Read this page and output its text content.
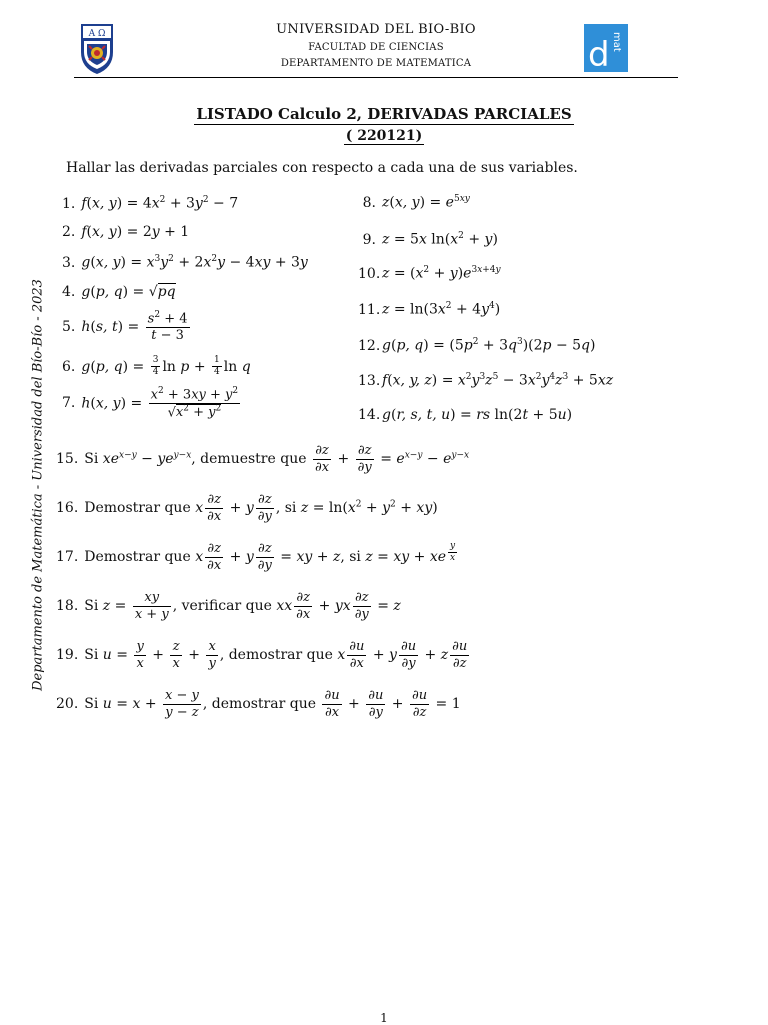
A Ω	UNIVERSIDAD DEL BIO-BIO
FACULTAD DE CIENCIAS
DEPARTAMENTO DE MATEMATICA	d mat
LISTADO Calculo 2, DERIVADAS PARCIALES
( 220121)
Hallar las derivadas parciales con respecto a cada una de sus variables.
Departamento de Matemática - Universidad del Bío-Bío - 2023
1. f(x, $y) = 4x^2 + 3y^2 - 7$
2. f(x, y) = 2y + 1
3. g(x, $y) = x^3y^2 + 2x^2y - 4xy + 3y$
4. g(p, q) = √pq
5. h(s, $t) = \frac{s^2 + 4}{t - 3}$
6. g(p, $q) = \frac{3}{4}$ $\ln p + \frac{1}{4}$ ln q
7. h(x, $y) = \frac{x^2 + 3xy + y^2}{√x^2 + y^2}$
8. z(x, $y) = e^{5xy}$
9. z = 5x $\ln(x^2 + y)$
10. $z = (x^2 + y)e^{3x+4y}$
11. $z = \ln(3x^2 + 4y^4)$
12. g(p, $q) = (5p^2 + 3q^3)(2p - 5q)$
13. f(x, y, $z) = x^2y^3z^5 - 3x^2y^4z^3 + 5xz$
14. g(r, s, t, u) = rs ln(2t + 5u)
15. Si $xe^{x-y} - ye^{y-x}$, demuestre que $\frac{\partial z}{\partial x} + \frac{\partial z}{\partial y} = e^{x-y} - e^{y-x}$
16. Demostrar que x $\frac{\partial z}{\partial x} + y \frac{\partial z}{\partial y}$ , si $z = \ln(x^2 + y^2 + xy)$
17. Demostrar que x $\frac{\partial z}{\partial x} + y \frac{\partial z}{\partial y}$ = xy + z, si z = xy + xe $^{\frac{y}{x}}$
18. Si $z = \frac{xy}{x + y}$ , verificar que xx $\frac{\partial z}{\partial x}$ + yx $\frac{\partial z}{\partial y} = z$
19. Si $u = \frac{y}{x} + \frac{z}{x} + \frac{x}{y}$ , demostrar que x $\frac{\partial u}{\partial x} + y \frac{\partial u}{\partial y} + z \frac{\partial u}{\partial z}$
20. Si $u = x + \frac{x - y}{y - z}$ , demostrar que $\frac{\partial u}{\partial x} + \frac{\partial u}{\partial y} + \frac{\partial u}{\partial z} = 1$
1
